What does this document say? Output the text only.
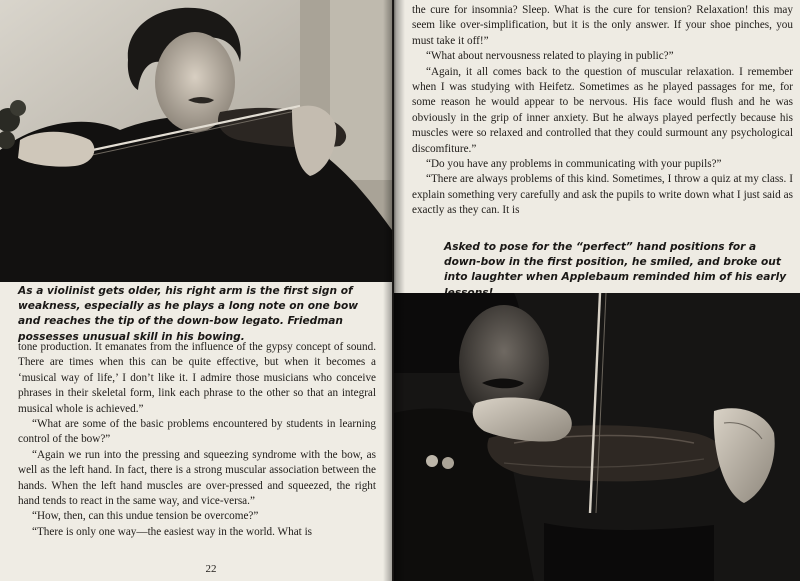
As a violinist gets older, his right arm is the first sign of weakness, especially as he plays a long note on one bow and reaches the tip of the down-bow legato. Friedman possesses unusual skill in his bowing.

tone production. It emanates from the influence of the gypsy concept of sound. There are times when this can be quite effective, but when it becomes a ‘musical way of life,’ I don’t like it. I admire those musicians who conceive phrases in their skeletal form, link each phrase to the other so that an integral musical whole is achieved.”

“What are some of the basic problems encountered by students in learning control of the bow?”

“Again we run into the pressing and squeezing syndrome with the bow, as well as the left hand. In fact, there is a strong muscular association between the hands. When the left hand muscles are over-pressed and squeezed, the right hand tends to react in the same way, and vice-versa.”

“How, then, can this undue tension be overcome?”

“There is only one way—the easiest way in the world. What is

22

the cure for insomnia? Sleep. What is the cure for tension? Relaxation! this may seem like over-simplification, but it is the only answer. If your shoe pinches, you must take it off!”

“What about nervousness related to playing in public?”

“Again, it all comes back to the question of muscular relaxation. I remember when I was studying with Heifetz. Sometimes as he played passages for me, for some reason he would appear to be nervous. His face would flush and he was obviously in the grip of inner anxiety. But he always played perfectly because his muscles were so relaxed and controlled that they could surmount any psychological discomfiture.”

“Do you have any problems in communicating with your pupils?”

“There are always problems of this kind. Sometimes, I throw a quiz at my class. I explain something very carefully and ask the pupils to write down what I just said as exactly as they can. It is

Asked to pose for the “perfect” hand positions for a down-bow in the first position, he smiled, and broke out into laughter when Applebaum reminded him of his early
